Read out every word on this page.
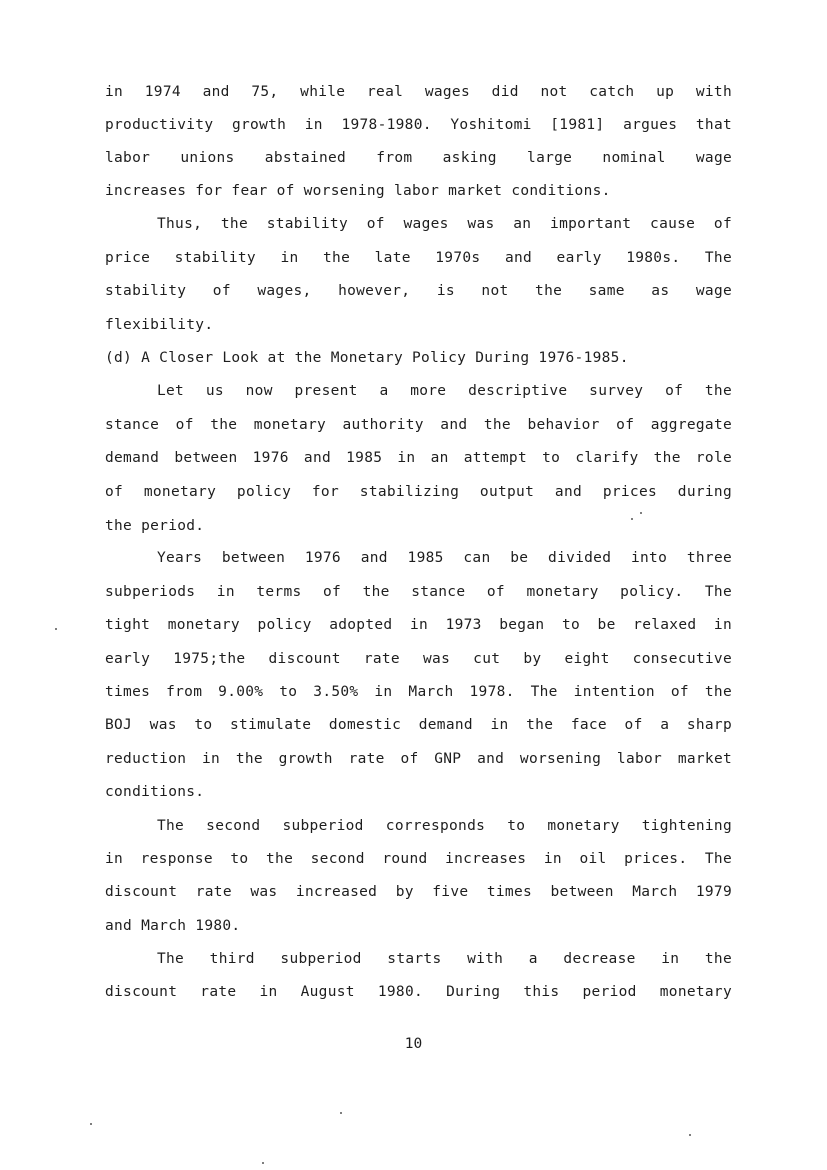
in 1974 and 75, while real wages did not catch up with
productivity growth in 1978-1980. Yoshitomi [1981] argues that
labor unions abstained from asking large nominal wage
increases for fear of worsening labor market conditions.
Thus, the stability of wages was an important cause of
price stability in the late 1970s and early 1980s. The
stability of wages, however, is not the same as wage
flexibility.
(d) A Closer Look at the Monetary Policy During 1976-1985.
Let us now present a more descriptive survey of the
stance of the monetary authority and the behavior of aggregate
demand between 1976 and 1985 in an attempt to clarify the role
of monetary policy for stabilizing output and prices during
the period.
Years between 1976 and 1985 can be divided into three
subperiods in terms of the stance of monetary policy. The
tight monetary policy adopted in 1973 began to be relaxed in
early 1975;the discount rate was cut by eight consecutive
times from 9.00% to 3.50% in March 1978. The intention of the
BOJ was to stimulate domestic demand in the face of a sharp
reduction in the growth rate of GNP and worsening labor market
conditions.
The second subperiod corresponds to monetary tightening
in response to the second round increases in oil prices. The
discount rate was increased by five times between March 1979
and March 1980.
The third subperiod starts with a decrease in the
discount rate in August 1980. During this period monetary
10
